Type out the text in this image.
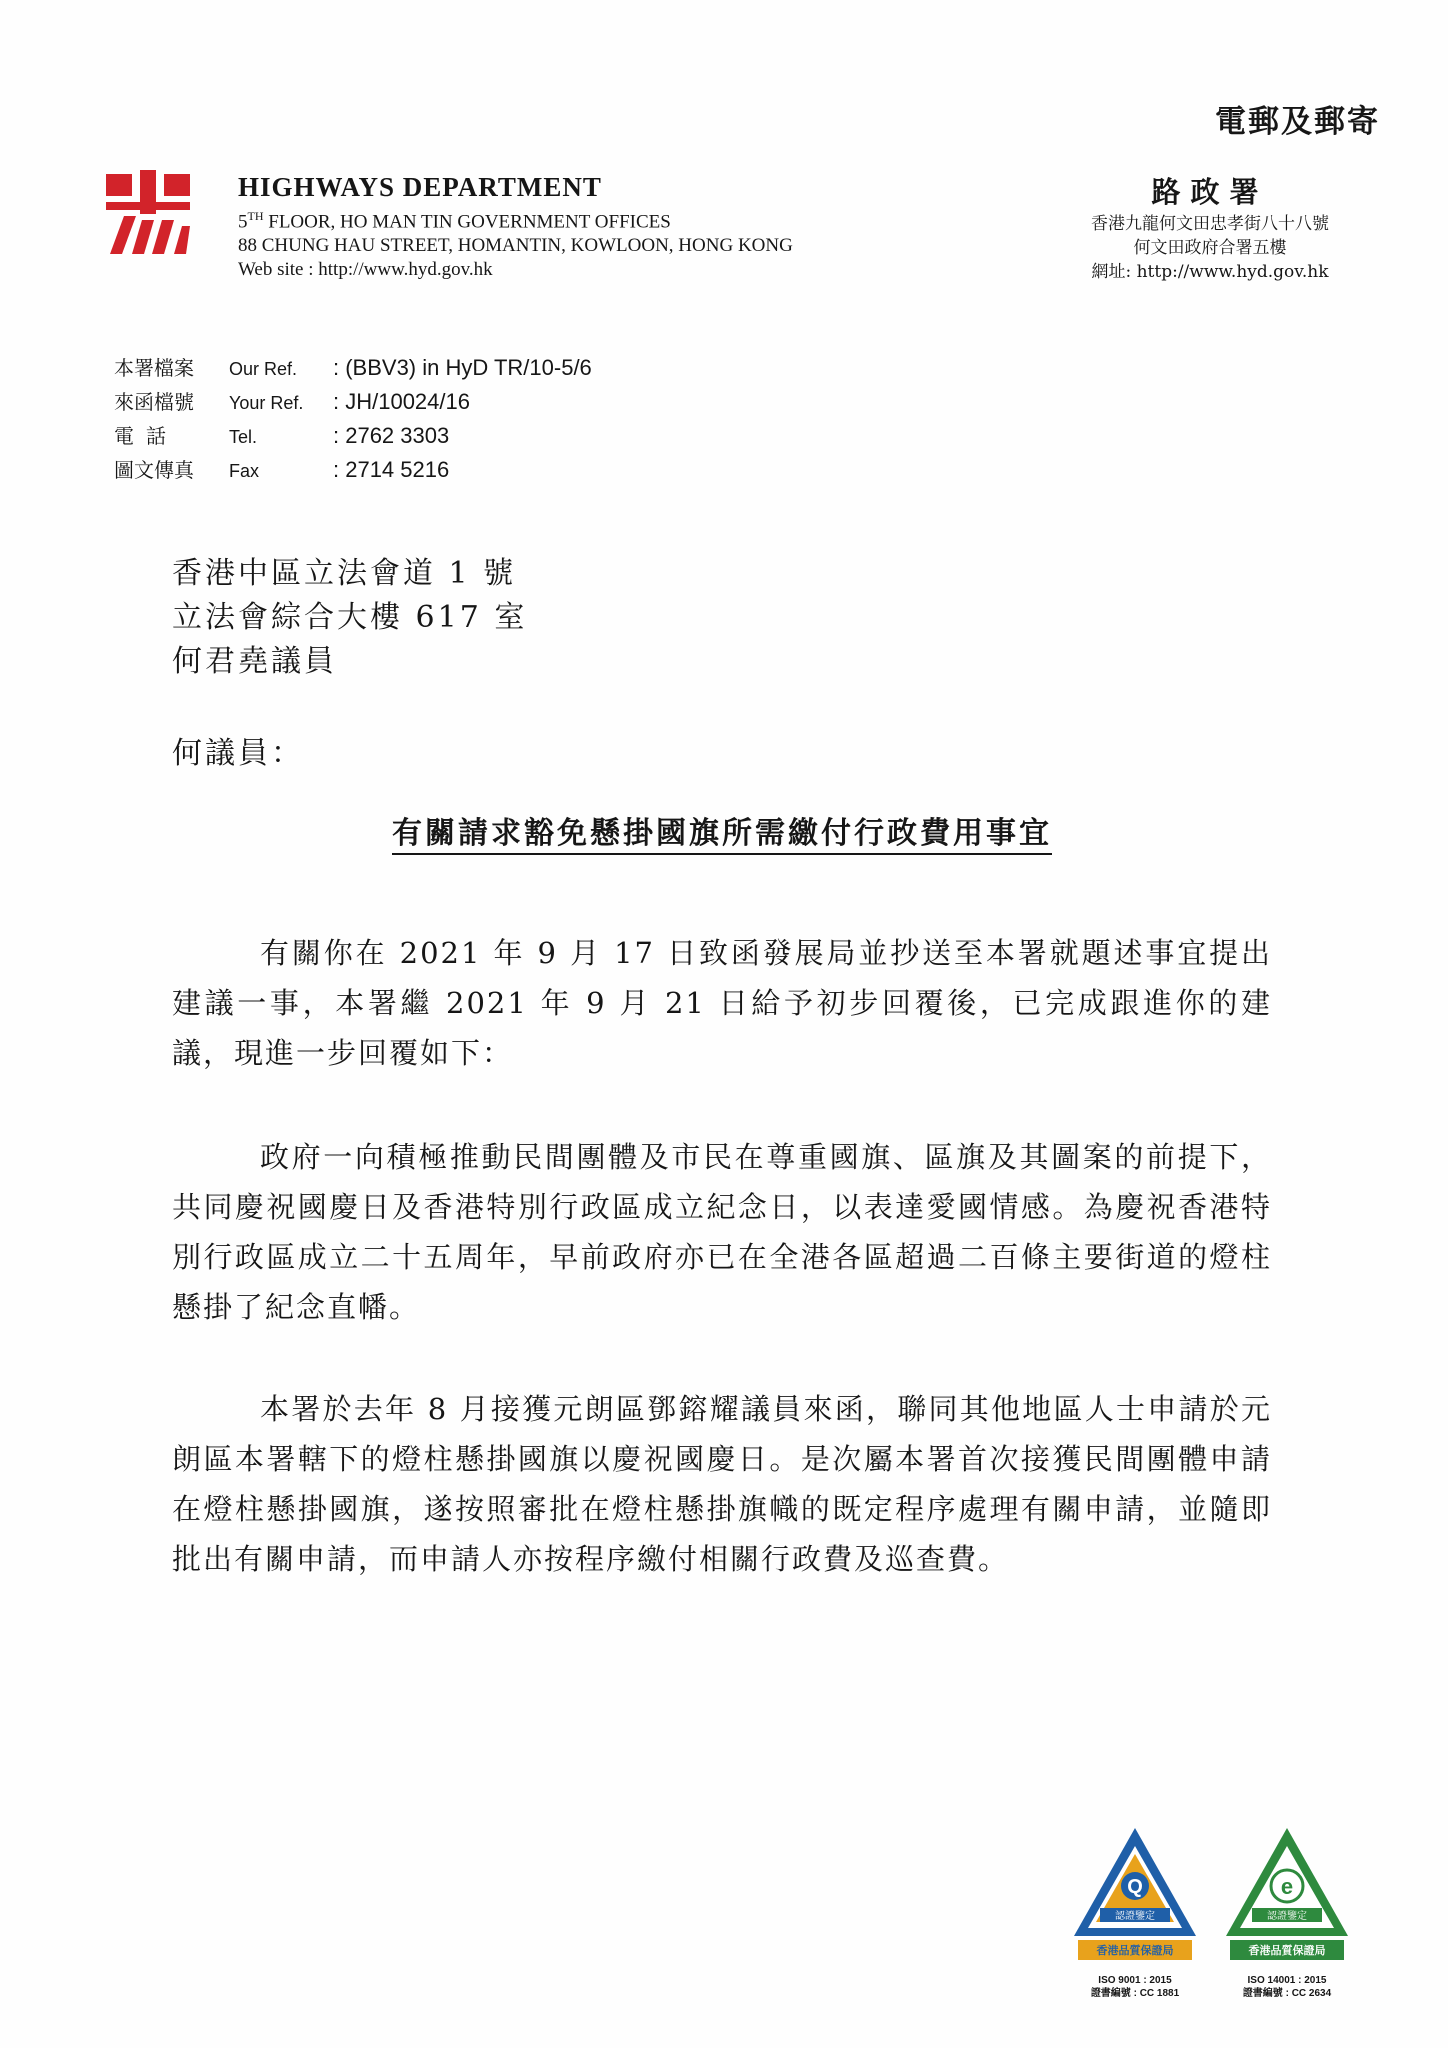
電郵及郵寄
HIGHWAYS DEPARTMENT
5TH FLOOR, HO MAN TIN GOVERNMENT OFFICES
88 CHUNG HAU STREET, HOMANTIN, KOWLOON, HONG KONG
Web site : http://www.hyd.gov.hk
路政署
香港九龍何文田忠孝街八十八號
何文田政府合署五樓
網址: http://www.hyd.gov.hk
本署檔案	Our Ref.	: (BBV3) in HyD TR/10-5/6
來函檔號	Your Ref.	: JH/10024/16
電話	Tel.	: 2762 3303
圖文傳真	Fax	: 2714 5216
香港中區立法會道 1 號
立法會綜合大樓 617 室
何君堯議員
何議員：
有關請求豁免懸掛國旗所需繳付行政費用事宜
有關你在 2021 年 9 月 17 日致函發展局並抄送至本署就題述事宜提出建議一事，本署繼 2021 年 9 月 21 日給予初步回覆後，已完成跟進你的建議，現進一步回覆如下：
政府一向積極推動民間團體及市民在尊重國旗、區旗及其圖案的前提下，共同慶祝國慶日及香港特別行政區成立紀念日，以表達愛國情感。為慶祝香港特別行政區成立二十五周年，早前政府亦已在全港各區超過二百條主要街道的燈柱懸掛了紀念直幡。
本署於去年 8 月接獲元朗區鄧鎔耀議員來函，聯同其他地區人士申請於元朗區本署轄下的燈柱懸掛國旗以慶祝國慶日。是次屬本署首次接獲民間團體申請在燈柱懸掛國旗，遂按照審批在燈柱懸掛旗幟的既定程序處理有關申請，並隨即批出有關申請，而申請人亦按程序繳付相關行政費及巡查費。
Q
認證鑒定
香港品質保證局
ISO 9001 : 2015
證書編號 : CC 1881
e
認證鑒定
香港品質保證局
ISO 14001 : 2015
證書編號 : CC 2634
